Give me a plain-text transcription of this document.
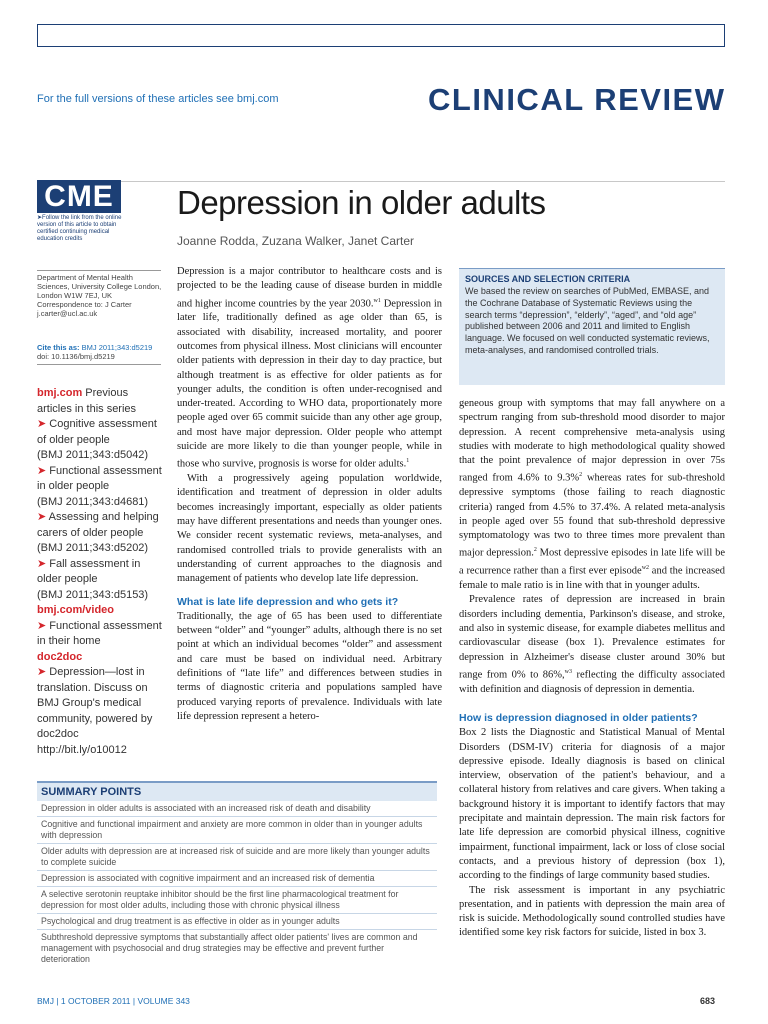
For the full versions of these articles see bmj.com	CLINICAL REVIEW
CME
➤Follow the link from the online version of this article to obtain certified continuing medical education credits
Depression in older adults
Joanne Rodda, Zuzana Walker, Janet Carter
Department of Mental Health Sciences, University College London, London W1W 7EJ, UK
Correspondence to: J Carter j.carter@ucl.ac.uk
Cite this as: BMJ 2011;343:d5219
doi: 10.1136/bmj.d5219
bmj.com Previous articles in this series
➤ Cognitive assessment of older people
(BMJ 2011;343:d5042)
➤ Functional assessment in older people
(BMJ 2011;343:d4681)
➤ Assessing and helping carers of older people
(BMJ 2011;343:d5202)
➤ Fall assessment in older people
(BMJ 2011;343:d5153)
bmj.com/video
➤ Functional assessment in their home
doc2doc
➤ Depression—lost in translation. Discuss on BMJ Group's medical community, powered by doc2doc http://bit.ly/o10012

Depression is a major contributor to healthcare costs and is projected to be the leading cause of disease burden in middle and higher income countries by the year 2030.$^{w1}$ Depression in later life, traditionally defined as age older than 65, is associated with disability, increased mortality, and poorer outcomes from physical illness. Most clinicians will encounter older patients with depression in their day to day practice, but although treatment is as effective for older patients as for younger adults, the condition is often under-recognised and under-treated. According to WHO data, proportionately more people aged over 65 commit suicide than any other age group, and most have major depression. Older people who attempt suicide are more likely to die than younger people, while in those who survive, prognosis is worse for older adults.$^1$

With a progressively ageing population worldwide, identification and treatment of depression in older adults becomes increasingly important, especially as older patients may have different presentations and needs than younger ones. We consider recent systematic reviews, meta-analyses, and randomised controlled trials to provide generalists with an understanding of current approaches to the diagnosis and management of patients who develop late life depression.

What is late life depression and who gets it?

Traditionally, the age of 65 has been used to differentiate between “older” and “younger” adults, although there is no set point at which an individual becomes “older” and assessment and care must be based on individual need. Arbitrary definitions of “late life” and differences between studies in terms of diagnostic criteria and populations sampled have produced varying reports of prevalence. Individuals with late life depression represent a hetero-

SOURCES AND SELECTION CRITERIA
We based the review on searches of PubMed, EMBASE, and the Cochrane Database of Systematic Reviews using the search terms “depression”, “elderly”, “aged”, and “old age” published between 2006 and 2011 and limited to English language. We focused on well conducted systematic reviews, meta-analyses, and randomised controlled trials.

geneous group with symptoms that may fall anywhere on a spectrum ranging from sub-threshold mood disorder to major depression. A recent comprehensive meta-analysis using studies with moderate to high methodological quality showed that the point prevalence of major depression in over 75s ranged from 4.6% to 9.3%$^2$ whereas rates for sub-threshold depressive symptoms (those failing to reach diagnostic criteria) ranged from 4.5% to 37.4%. A related meta-analysis in people aged over 55 found that sub-threshold depressive symptomatology was two to three times more prevalent than major depression.$^2$ Most depressive episodes in late life will be a recurrence rather than a first ever episode$^{w2}$ and the increased female to male ratio is in line with that in younger adults.

Prevalence rates of depression are increased in brain disorders including dementia, Parkinson's disease, and stroke, and also in systemic disease, for example diabetes mellitus and cardiovascular disease (box 1). Prevalence estimates for depression in Alzheimer's disease cluster around 30% but range from 0% to 86%,$^{w3}$ reflecting the difficulty associated with definition and diagnosis of depression in dementia.

How is depression diagnosed in older patients?

Box 2 lists the Diagnostic and Statistical Manual of Mental Disorders (DSM-IV) criteria for diagnosis of a major depressive episode. Ideally diagnosis is based on clinical interview, observation of the patient's behaviour, and a collateral history from relatives and care givers. When taking a background history it is important to identify factors that may precipitate and maintain depression. The main risk factors for late life depression are comorbid physical illness, cognitive impairment, functional impairment, lack or loss of close social contacts, and a previous history of depression (box 1), according to the findings of large community based studies.

The risk assessment is important in any psychiatric presentation, and in patients with depression the main area of risk is suicide. Methodologically sound controlled studies have identified some key risk factors for suicide, listed in box 3.

SUMMARY POINTS
Depression in older adults is associated with an increased risk of death and disability
Cognitive and functional impairment and anxiety are more common in older than in younger adults with depression
Older adults with depression are at increased risk of suicide and are more likely than younger adults to complete suicide
Depression is associated with cognitive impairment and an increased risk of dementia
A selective serotonin reuptake inhibitor should be the first line pharmacological treatment for depression for most older adults, including those with chronic physical illness
Psychological and drug treatment is as effective in older as in younger adults
Subthreshold depressive symptoms that substantially affect older patients' lives are common and management with psychosocial and drug strategies may be effective and prevent further deterioration
BMJ | 1 OCTOBER 2011 | VOLUME 343	683
